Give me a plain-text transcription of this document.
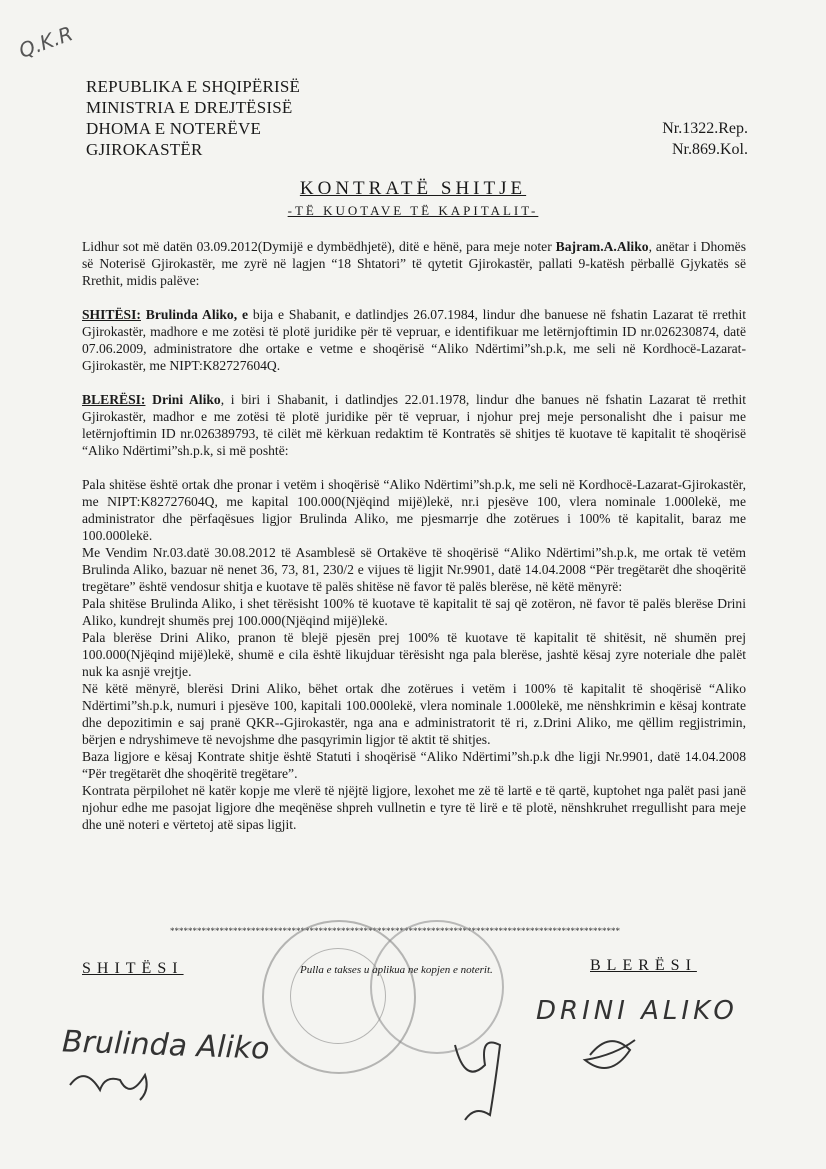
Q.K.R
REPUBLIKA E SHQIPËRISË
MINISTRIA E DREJTËSISË
DHOMA E NOTERËVE
GJIROKASTËR
Nr.1322.Rep.
Nr.869.Kol.
KONTRATË SHITJE
-TË KUOTAVE TË KAPITALIT-

Lidhur sot më datën 03.09.2012(Dymijë e dymbëdhjetë), ditë e hënë, para meje noter Bajram.A.Aliko, anëtar i Dhomës së Noterisë Gjirokastër, me zyrë në lagjen “18 Shtatori” të qytetit Gjirokastër, pallati 9-katësh përballë Gjykatës së Rrethit, midis palëve:

SHITËSI: Brulinda Aliko, e bija e Shabanit, e datlindjes 26.07.1984, lindur dhe banuese në fshatin Lazarat të rrethit Gjirokastër, madhore e me zotësi të plotë juridike për të vepruar, e identifikuar me letërnjoftimin ID nr.026230874, datë 07.06.2009, administratore dhe ortake e vetme e shoqërisë “Aliko Ndërtimi”sh.p.k, me seli në Kordhocë-Lazarat-Gjirokastër, me NIPT:K82727604Q.

BLERËSI: Drini Aliko, i biri i Shabanit, i datlindjes 22.01.1978, lindur dhe banues në fshatin Lazarat të rrethit Gjirokastër, madhor e me zotësi të plotë juridike për të vepruar, i njohur prej meje personalisht dhe i paisur me letërnjoftimin ID nr.026389793, të cilët më kërkuan redaktim të Kontratës së shitjes të kuotave të kapitalit të shoqërisë “Aliko Ndërtimi”sh.p.k, si më poshtë:

Pala shitëse është ortak dhe pronar i vetëm i shoqërisë “Aliko Ndërtimi”sh.p.k, me seli në Kordhocë-Lazarat-Gjirokastër, me NIPT:K82727604Q, me kapital 100.000(Njëqind mijë)lekë, nr.i pjesëve 100, vlera nominale 1.000lekë, me administrator dhe përfaqësues ligjor Brulinda Aliko, me pjesmarrje dhe zotërues i 100% të kapitalit, baraz me 100.000lekë.

Me Vendim Nr.03.datë 30.08.2012 të Asamblesë së Ortakëve të shoqërisë “Aliko Ndërtimi”sh.p.k, me ortak të vetëm Brulinda Aliko, bazuar në nenet 36, 73, 81, 230/2 e vijues të ligjit Nr.9901, datë 14.04.2008 “Për tregëtarët dhe shoqëritë tregëtare” është vendosur shitja e kuotave të palës shitëse në favor të palës blerëse, në këtë mënyrë:

Pala shitëse Brulinda Aliko, i shet tërësisht 100% të kuotave të kapitalit të saj që zotëron, në favor të palës blerëse Drini Aliko, kundrejt shumës prej 100.000(Njëqind mijë)lekë.

Pala blerëse Drini Aliko, pranon të blejë pjesën prej 100% të kuotave të kapitalit të shitësit, në shumën prej 100.000(Njëqind mijë)lekë, shumë e cila është likujduar tërësisht nga pala blerëse, jashtë kësaj zyre noteriale dhe palët nuk ka asnjë vrejtje.

Në këtë mënyrë, blerësi Drini Aliko, bëhet ortak dhe zotërues i vetëm i 100% të kapitalit të shoqërisë “Aliko Ndërtimi”sh.p.k, numuri i pjesëve 100, kapitali 100.000lekë, vlera nominale 1.000lekë, me nënshkrimin e kësaj kontrate dhe depozitimin e saj pranë QKR--Gjirokastër, nga ana e administratorit të ri, z.Drini Aliko, me qëllim regjistrimin, bërjen e ndryshimeve të nevojshme dhe pasqyrimin ligjor të aktit të shitjes.

Baza ligjore e kësaj Kontrate shitje është Statuti i shoqërisë “Aliko Ndërtimi”sh.p.k dhe ligji Nr.9901, datë 14.04.2008 “Për tregëtarët dhe shoqëritë tregëtare”.

Kontrata përpilohet në katër kopje me vlerë të njëjtë ligjore, lexohet me zë të lartë e të qartë, kuptohet nga palët pasi janë njohur edhe me pasojat ligjore dhe meqënëse shpreh vullnetin e tyre të lirë e të plotë, nënshkruhet rregullisht para meje dhe unë noteri e vërtetoj atë sipas ligjit.

****************************************************************************************************
SHITËSI	Pulla e takses u aplikua ne kopjen e noterit.	BLERËSI
DRINI ALIKO
Brulinda Aliko
